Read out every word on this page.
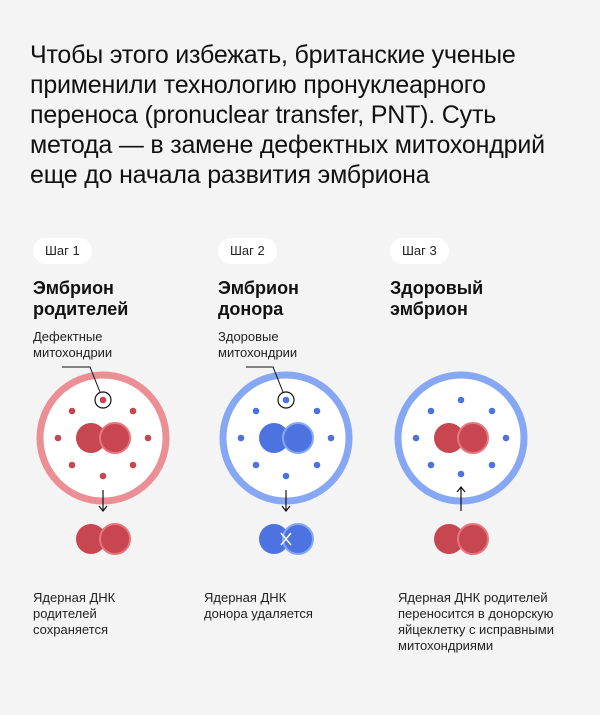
Чтобы этого избежать, британские ученые
применили технологию пронуклеарного
переноса (pronuclear transfer, PNT). Суть
метода — в замене дефектных митохондрий
еще до начала развития эмбриона
Шаг 1
Эмбрион
родителей
Дефектные
митохондрии
Ядерная ДНК
родителей
сохраняется
Шаг 2
Эмбрион
донора
Здоровые
митохондрии
Ядерная ДНК
донора удаляется
Шаг 3
Здоровый
эмбрион
Ядерная ДНК родителей
переносится в донорскую
яйцеклетку с исправными
митохондриями
